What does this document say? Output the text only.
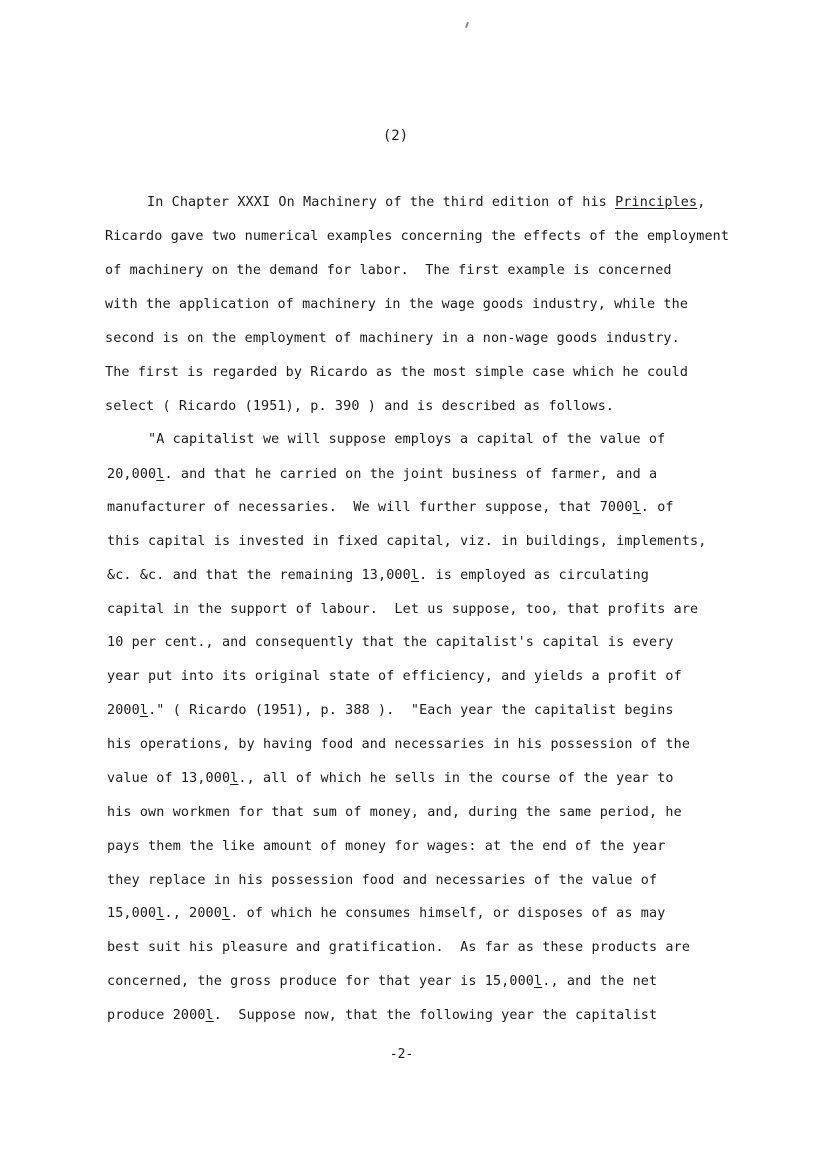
(2)
In Chapter XXXI On Machinery of the third edition of his Principles,
Ricardo gave two numerical examples concerning the effects of the employment
of machinery on the demand for labor.  The first example is concerned
with the application of machinery in the wage goods industry, while the
second is on the employment of machinery in a non-wage goods industry.
The first is regarded by Ricardo as the most simple case which he could
select ( Ricardo (1951), p. 390 ) and is described as follows.
"A capitalist we will suppose employs a capital of the value of
20,000l. and that he carried on the joint business of farmer, and a
manufacturer of necessaries.  We will further suppose, that 7000l. of
this capital is invested in fixed capital, viz. in buildings, implements,
&c. &c. and that the remaining 13,000l. is employed as circulating
capital in the support of labour.  Let us suppose, too, that profits are
10 per cent., and consequently that the capitalist's capital is every
year put into its original state of efficiency, and yields a profit of
2000l." ( Ricardo (1951), p. 388 ).  "Each year the capitalist begins
his operations, by having food and necessaries in his possession of the
value of 13,000l., all of which he sells in the course of the year to
his own workmen for that sum of money, and, during the same period, he
pays them the like amount of money for wages: at the end of the year
they replace in his possession food and necessaries of the value of
15,000l., 2000l. of which he consumes himself, or disposes of as may
best suit his pleasure and gratification.  As far as these products are
concerned, the gross produce for that year is 15,000l., and the net
produce 2000l.  Suppose now, that the following year the capitalist
-2-
